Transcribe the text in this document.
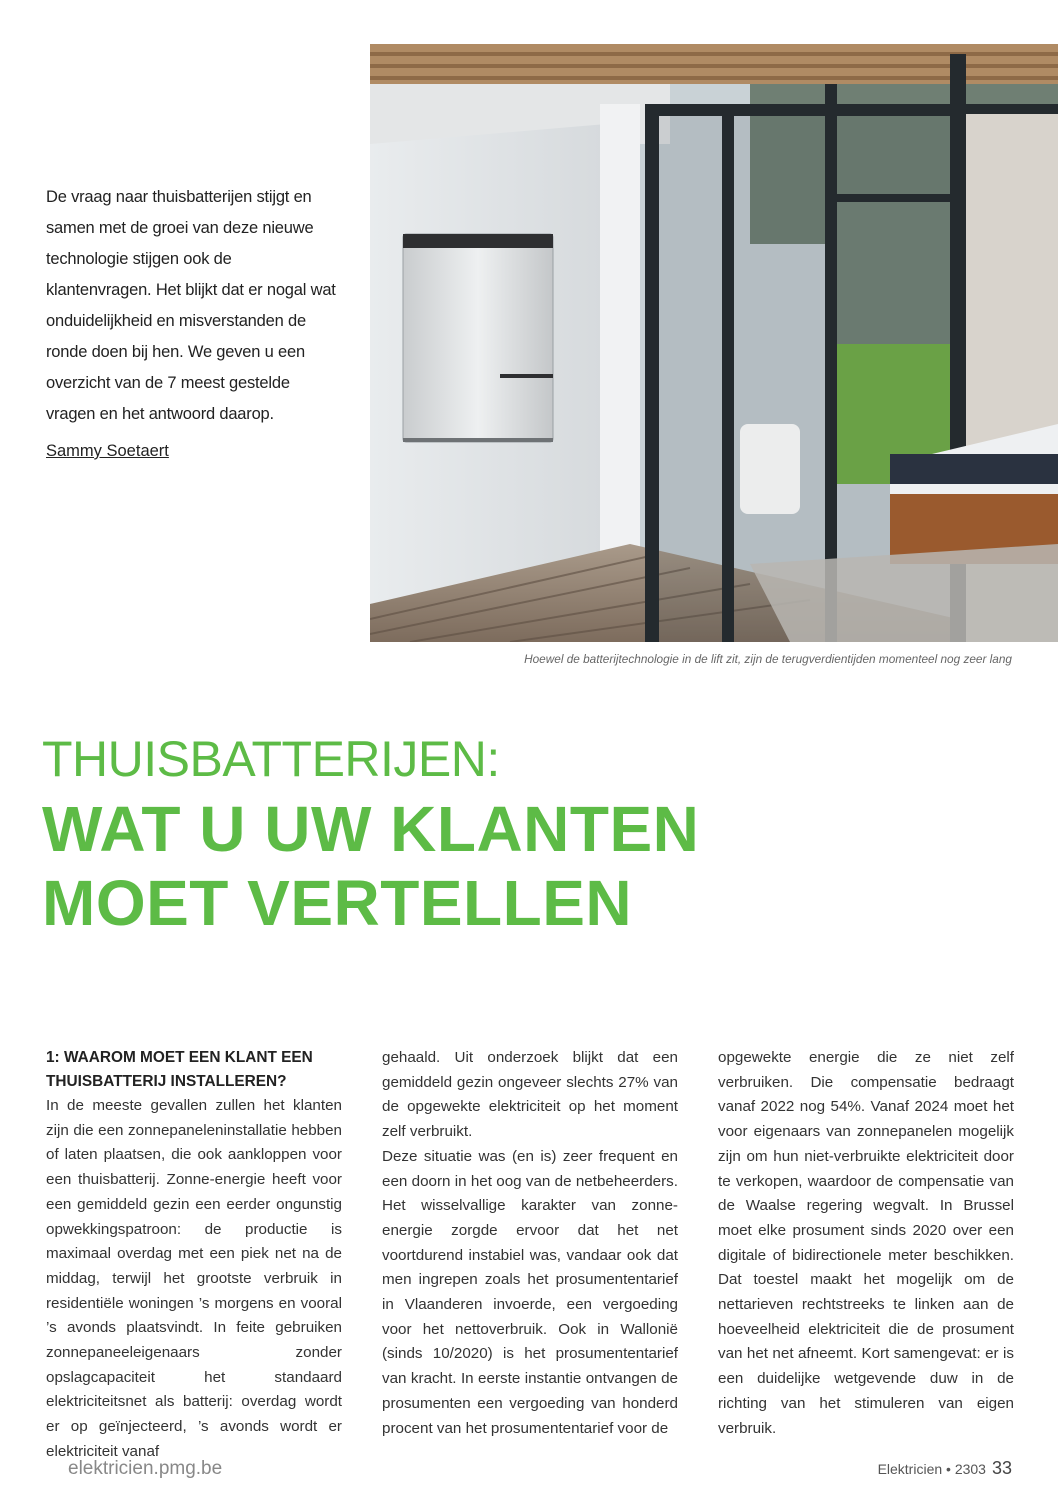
De vraag naar thuisbatterijen stijgt en samen met de groei van deze nieuwe technologie stijgen ook de klantenvragen. Het blijkt dat er nogal wat onduidelijkheid en misverstanden de ronde doen bij hen. We geven u een overzicht van de 7 meest gestelde vragen en het antwoord daarop.

Sammy Soetaert
Hoewel de batterijtechnologie in de lift zit, zijn de terugverdientijden momenteel nog zeer lang
THUISBATTERIJEN:
WAT U UW KLANTEN
MOET VERTELLEN

1: WAAROM MOET EEN KLANT EEN THUISBATTERIJ INSTALLEREN?

In de meeste gevallen zullen het klanten zijn die een zonnepaneleninstallatie hebben of laten plaatsen, die ook aankloppen voor een thuisbatterij. Zonne-energie heeft voor een gemiddeld gezin een eerder ongunstig opwekkingspatroon: de productie is maximaal overdag met een piek net na de middag, terwijl het grootste verbruik in residentiële woningen ’s morgens en vooral ’s avonds plaatsvindt. In feite gebruiken zonnepaneeleigenaars zonder opslagcapaciteit het standaard elektriciteitsnet als batterij: overdag wordt er op geïnjecteerd, ’s avonds wordt er elektriciteit vanaf

gehaald. Uit onderzoek blijkt dat een gemiddeld gezin ongeveer slechts 27% van de opgewekte elektriciteit op het moment zelf verbruikt.

Deze situatie was (en is) zeer frequent en een doorn in het oog van de netbeheerders. Het wisselvallige karakter van zonne-energie zorgde ervoor dat het net voortdurend instabiel was, vandaar ook dat men ingrepen zoals het prosumententarief in Vlaanderen invoerde, een vergoeding voor het nettoverbruik. Ook in Wallonië (sinds 10/2020) is het prosumententarief van kracht. In eerste instantie ontvangen de prosumenten een vergoeding van honderd procent van het prosumententarief voor de

opgewekte energie die ze niet zelf verbruiken. Die compensatie bedraagt vanaf 2022 nog 54%. Vanaf 2024 moet het voor eigenaars van zonnepanelen mogelijk zijn om hun niet-verbruikte elektriciteit door te verkopen, waardoor de compensatie van de Waalse regering wegvalt. In Brussel moet elke prosument sinds 2020 over een digitale of bidirectionele meter beschikken. Dat toestel maakt het mogelijk om de nettarieven rechtstreeks te linken aan de hoeveelheid elektriciteit die de prosument van het net afneemt. Kort samengevat: er is een duidelijke wetgevende duw in de richting van het stimuleren van eigen verbruik.

elektricien.pmg.be	Elektricien • 2303 33
